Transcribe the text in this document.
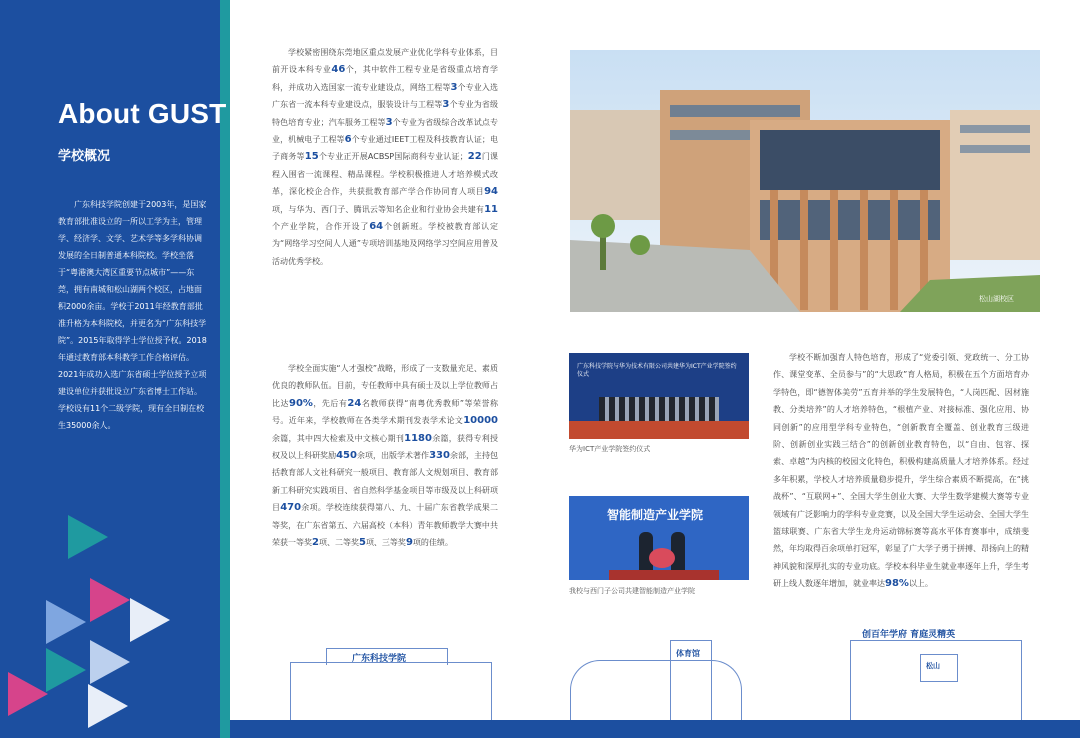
About GUST
学校概况
广东科技学院创建于2003年，是国家教育部批准设立的一所以工学为主，管理学、经济学、文学、艺术学等多学科协调发展的全日制普通本科院校。学校坐落于“粤港澳大湾区重要节点城市”——东莞，拥有南城和松山湖两个校区，占地面积2000余亩。学校于2011年经教育部批准升格为本科院校，并更名为“广东科技学院”。2015年取得学士学位授予权。2018年通过教育部本科教学工作合格评估。2021年成功入选广东省硕士学位授予立项建设单位并获批设立广东省博士工作站。学校设有11个二级学院，现有全日制在校生35000余人。
学校紧密围绕东莞地区重点发展产业优化学科专业体系，目前开设本科专业46个，其中软件工程专业是省级重点培育学科，并成功入选国家一流专业建设点，网络工程等3个专业入选广东省一流本科专业建设点，服装设计与工程等3个专业为省级特色培育专业；汽车服务工程等3个专业为省级综合改革试点专业，机械电子工程等6个专业通过IEET工程及科技教育认证；电子商务等15个专业正开展ACBSP国际商科专业认证；22门课程入围省一流课程、精品课程。学校积极推进人才培养模式改革，深化校企合作，共获批教育部产学合作协同育人项目94项，与华为、西门子、腾讯云等知名企业和行业协会共建有11个产业学院，合作开设了64个创新班。学校被教育部认定为“网络学习空间人人通”专项培训基地及网络学习空间应用普及活动优秀学校。
学校全面实施“人才强校”战略，形成了一支数量充足、素质优良的教师队伍。目前，专任教师中具有硕士及以上学位教师占比达90%，先后有24名教师获得“南粤优秀教师”等荣誉称号。近年来，学校教师在各类学术期刊发表学术论文10000余篇，其中四大检索及中文核心期刊1180余篇，获得专利授权及以上科研奖励450余项，出版学术著作330余部，主持包括教育部人文社科研究一般项目、教育部人文规划项目、教育部新工科研究实践项目、省自然科学基金项目等市级及以上科研项目470余项。学校连续获得第八、九、十届广东省教学成果二等奖，在广东省第五、六届高校（本科）青年教师教学大赛中共荣获一等奖2项、二等奖5项、三等奖9项的佳绩。
松山湖校区
广东科技学院与华为技术有限公司共建华为ICT产业学院签约仪式
华为ICT产业学院签约仪式
智能制造产业学院
我校与西门子公司共建智能制造产业学院
学校不断加强育人特色培育，形成了“党委引领、党政统一、分工协作、课堂变革、全员参与”的“大思政”育人格局，积极在五个方面培育办学特色，即“德智体美劳”五育并举的学生发展特色，“人岗匹配、因材施教、分类培养”的人才培养特色，“根植产业、对接标准、强化应用、协同创新”的应用型学科专业特色，“创新教育全覆盖、创业教育三级进阶、创新创业实践三结合”的创新创业教育特色，以“自由、包容、探索、卓越”为内核的校园文化特色，积极构建高质量人才培养体系。经过多年积累，学校人才培养质量稳步提升，学生综合素质不断提高，在“挑战杯”、“互联网+”、全国大学生创业大赛、大学生数学建模大赛等专业领域有广泛影响力的学科专业竞赛，以及全国大学生运动会、全国大学生篮球联赛、广东省大学生龙舟运动锦标赛等高水平体育赛事中，成绩斐然，年均取得百余项单打冠军，彰显了广大学子勇于拼搏、昂扬向上的精神风貌和深厚扎实的专业功底。学校本科毕业生就业率逐年上升，学生考研上线人数逐年增加，就业率达98%以上。
广东科技学院
体育馆
创百年学府 育庭灵精英
松山
